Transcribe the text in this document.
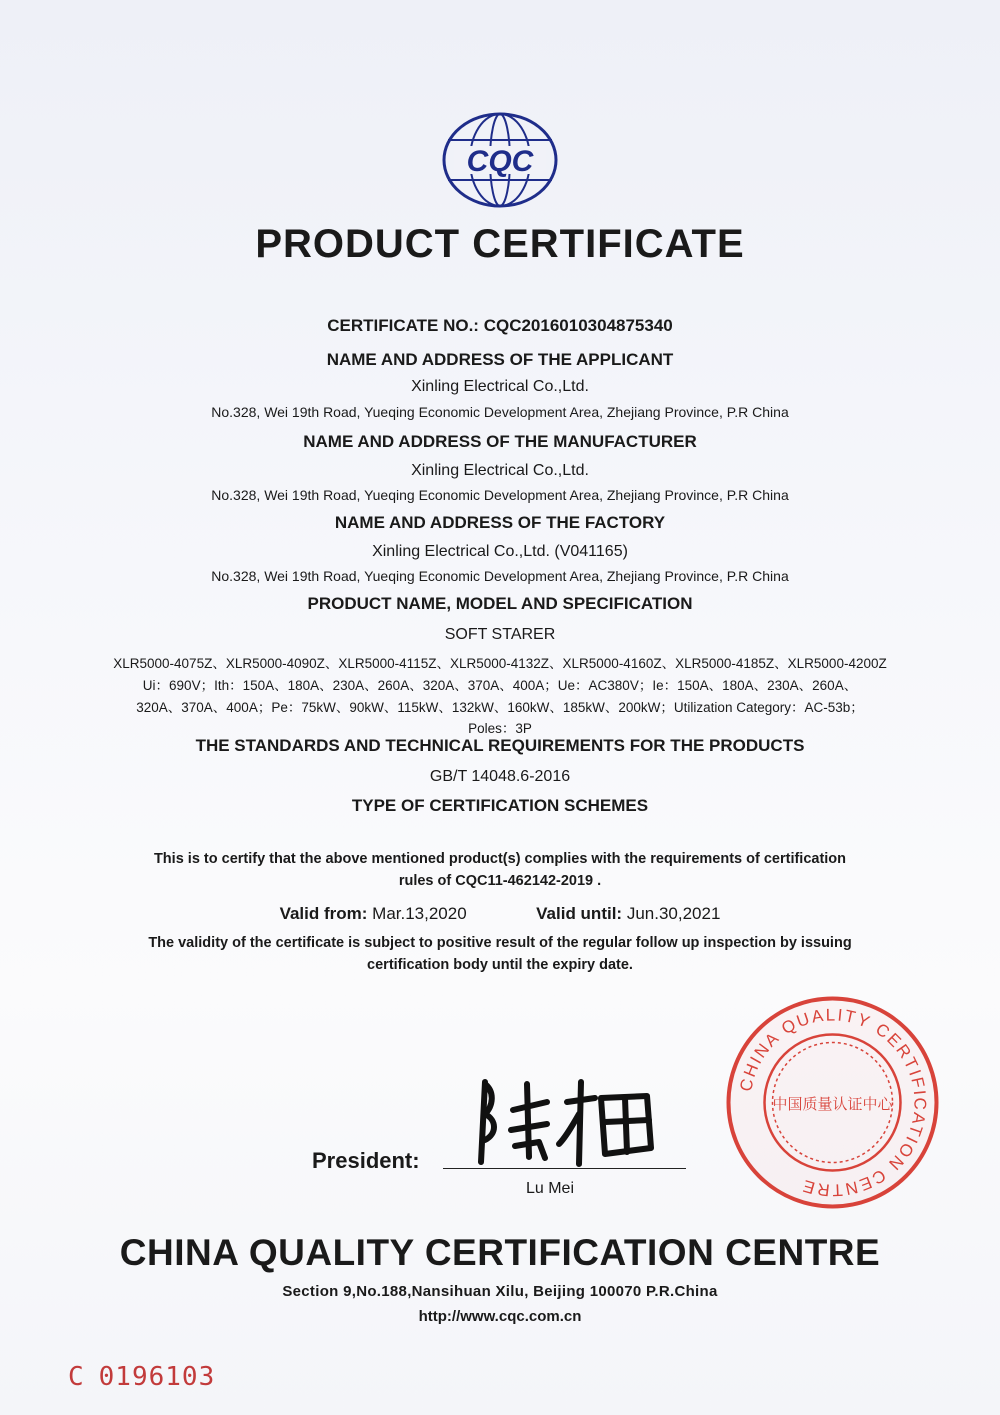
CQC
PRODUCT CERTIFICATE
CERTIFICATE NO.: CQC2016010304875340
NAME AND ADDRESS OF THE APPLICANT
Xinling Electrical Co.,Ltd.
No.328, Wei 19th Road, Yueqing Economic Development Area, Zhejiang Province, P.R China
NAME AND ADDRESS OF THE MANUFACTURER
Xinling Electrical Co.,Ltd.
No.328, Wei 19th Road, Yueqing Economic Development Area, Zhejiang Province, P.R China
NAME AND ADDRESS OF THE FACTORY
Xinling Electrical Co.,Ltd. (V041165)
No.328, Wei 19th Road, Yueqing Economic Development Area, Zhejiang Province, P.R China
PRODUCT NAME, MODEL AND SPECIFICATION
SOFT STARER
XLR5000-4075Z、XLR5000-4090Z、XLR5000-4115Z、XLR5000-4132Z、XLR5000-4160Z、XLR5000-4185Z、XLR5000-4200Z
Ui：690V；Ith：150A、180A、230A、260A、320A、370A、400A；Ue：AC380V；Ie：150A、180A、230A、260A、
320A、370A、400A；Pe：75kW、90kW、115kW、132kW、160kW、185kW、200kW；Utilization Category：AC-53b；
Poles：3P
THE STANDARDS AND TECHNICAL REQUIREMENTS FOR THE PRODUCTS
GB/T 14048.6-2016
TYPE OF CERTIFICATION SCHEMES
This is to certify that the above mentioned product(s) complies with the requirements of certification
rules of CQC11-462142-2019 .
Valid from: Mar.13,2020	Valid until: Jun.30,2021
The validity of the certificate is subject to positive result of the regular follow up inspection by issuing
certification body until the expiry date.
President:
Lu Mei
CHINA QUALITY CERTIFICATION CENTRE
中国质量认证中心
CHINA QUALITY CERTIFICATION CENTRE
Section 9,No.188,Nansihuan Xilu, Beijing 100070 P.R.China
http://www.cqc.com.cn
C 0196103
